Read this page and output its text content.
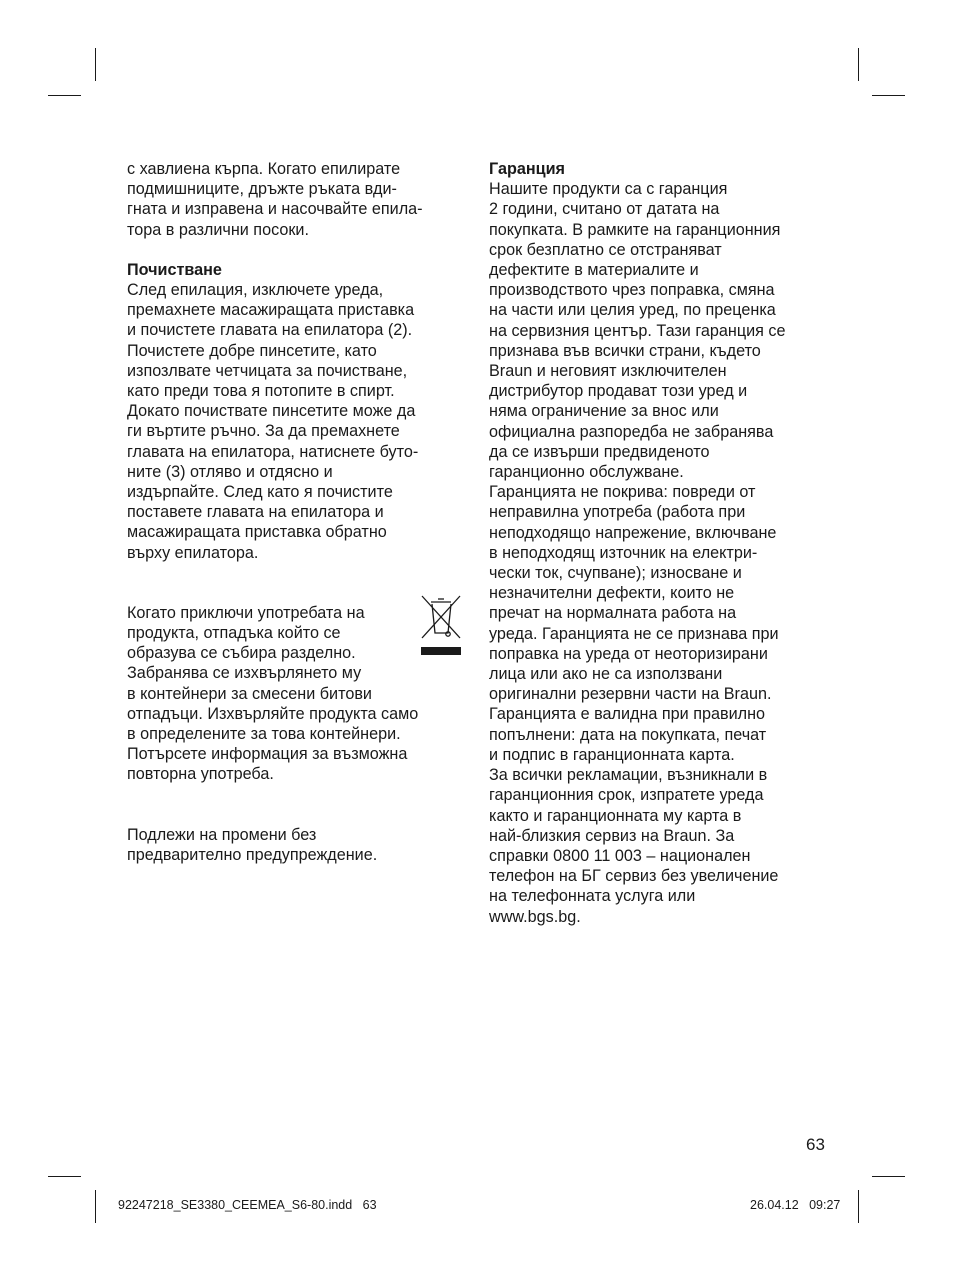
с хавлиена кърпа. Когато епилирате
подмишниците, дръжте ръката вди-
гната и изправена и насочвайте епила-
тора в различни посоки.

Почистване

След епилация, изключете уреда,
премахнете масажиращата приставка
и почистете главата на епилатора (2).
Почистете добре пинсетите, като
изпозлвате четчицата за почистване,
като преди това я потопите в спирт.
Докато почиствате пинсетите може да
ги въртите ръчно. За да премахнете
главата на епилатора, натиснете буто-
ните (3) отляво и отдясно и
издърпайте. След като я почистите
поставете главата на епилатора и
масажиращата приставка обратно
върху епилатора.

Когато приключи употребата на
продукта, отпадъка който се
образува се събира разделно.
Забранява се изхвърлянето му
в контейнери за смесени битови
отпадъци. Изхвърляйте продукта само
в определените за това контейнери.
Потърсете информация за възможна
повторна употреба.

Подлежи на промени без
предварително предупреждение.

Гаранция

Нашите продукти са с гаранция
2 години, считано от датата на
покупката. В рамките на гаранционния
срок безплатно се отстраняват
дефектите в материалите и
производството чрез поправка, смяна
на части или целия уред, по преценка
на сервизния център. Тази гаранция се
признава във всички страни, където
Braun и неговият изключителен
дистрибутор продават този уред и
няма ограничение за внос или
официална разпоредба не забранява
да се извърши предвиденото
гаранционно обслужване.
Гаранцията не покрива: повреди от
неправилна употреба (работа при
неподходящо напрежение, включване
в неподходящ източник на електри-
чески ток, счупване); износване и
незначителни дефекти, които не
пречат на нормалната работа на
уреда. Гаранцията не се признава при
поправка на уреда от неоторизирани
лица или ако не са използвани
оригинални резервни части на Braun.
Гаранцията е валидна при правилно
попълнени: дата на покупката, печат
и подпис в гаранционната карта.
За всички рекламации, възникнали в
гаранционния срок, изпратете уреда
както и гаранционната му карта в
най-близкия сервиз на Braun. За
справки 0800 11 003 – национален
телефон на БГ сервиз без увеличение
на телефонната услуга или
www.bgs.bg.

63
92247218_SE3380_CEEMEA_S6-80.indd   63	26.04.12   09:27
